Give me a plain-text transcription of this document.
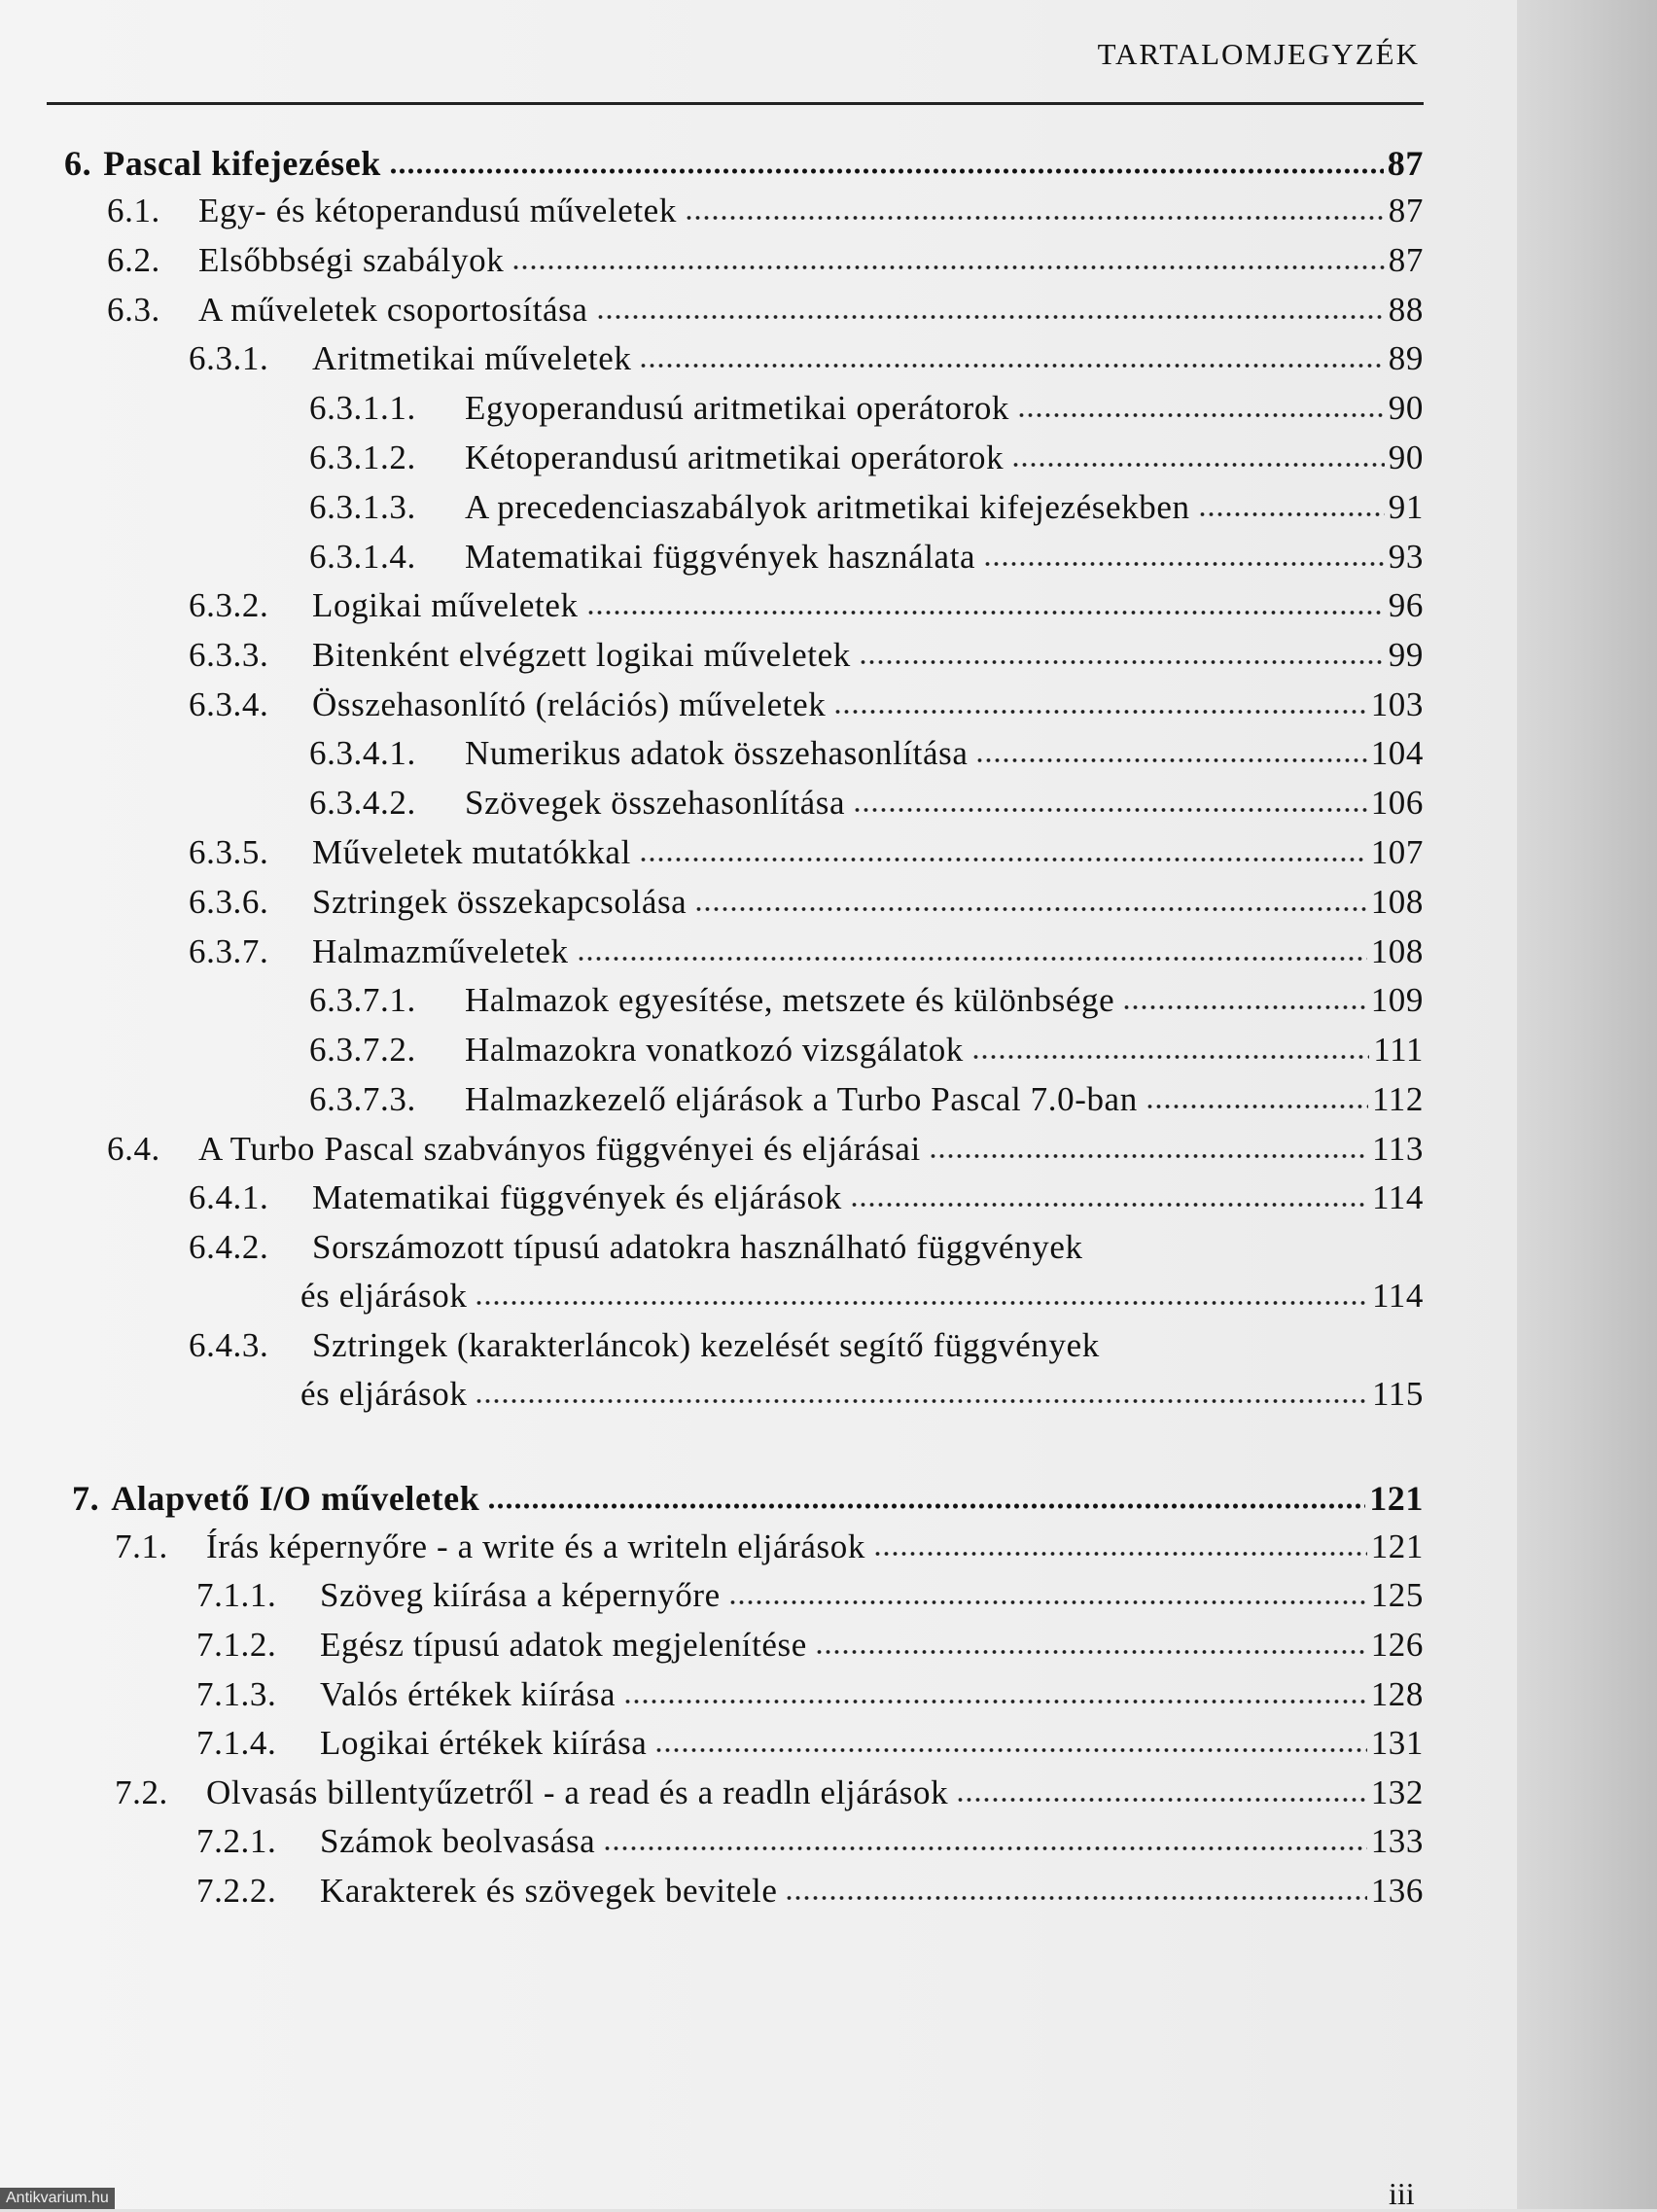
TARTALOMJEGYZÉK
6. Pascal kifejezések	87
6.1.	Egy- és kétoperandusú műveletek	87
6.2.	Elsőbbségi szabályok	87
6.3.	A műveletek csoportosítása	88
6.3.1.	Aritmetikai műveletek	89
6.3.1.1.	Egyoperandusú aritmetikai operátorok	90
6.3.1.2.	Kétoperandusú aritmetikai operátorok	90
6.3.1.3.	A precedenciaszabályok aritmetikai kifejezésekben	91
6.3.1.4.	Matematikai függvények használata	93
6.3.2.	Logikai műveletek	96
6.3.3.	Bitenként elvégzett logikai műveletek	99
6.3.4.	Összehasonlító (relációs) műveletek	103
6.3.4.1.	Numerikus adatok összehasonlítása	104
6.3.4.2.	Szövegek összehasonlítása	106
6.3.5.	Műveletek mutatókkal	107
6.3.6.	Sztringek összekapcsolása	108
6.3.7.	Halmazműveletek	108
6.3.7.1.	Halmazok egyesítése, metszete és különbsége	109
6.3.7.2.	Halmazokra vonatkozó vizsgálatok	111
6.3.7.3.	Halmazkezelő eljárások a Turbo Pascal 7.0-ban	112
6.4.	A Turbo Pascal szabványos függvényei és eljárásai	113
6.4.1.	Matematikai függvények és eljárások	114
6.4.2.	Sorszámozott típusú adatokra használható függvények
és eljárások	114
6.4.3.	Sztringek (karakterláncok) kezelését segítő függvények
és eljárások	115
7. Alapvető I/O műveletek	121
7.1.	Írás képernyőre - a write és a writeln eljárások	121
7.1.1.	Szöveg kiírása a képernyőre	125
7.1.2.	Egész típusú adatok megjelenítése	126
7.1.3.	Valós értékek kiírása	128
7.1.4.	Logikai értékek kiírása	131
7.2.	Olvasás billentyűzetről - a read és a readln eljárások	132
7.2.1.	Számok beolvasása	133
7.2.2.	Karakterek és szövegek bevitele	136
iii
Antikvarium.hu
